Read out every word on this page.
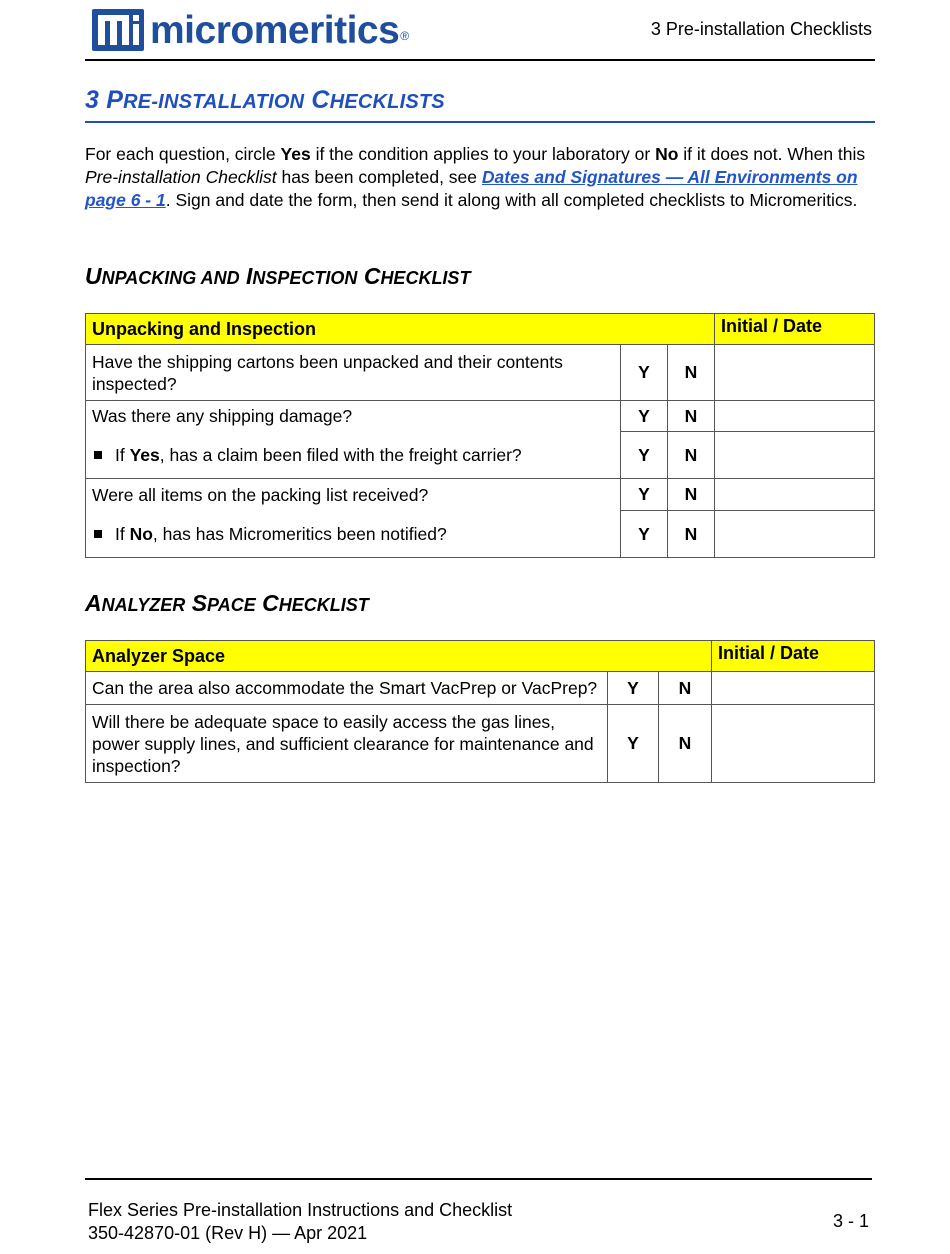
micromeritics ®	3 Pre-installation Checklists
3 PRE-INSTALLATION CHECKLISTS

For each question, circle Yes if the condition applies to your laboratory or No if it does not. When this Pre-installation Checklist has been completed, see Dates and Signatures — All Environments on page 6 - 1. Sign and date the form, then send it along with all completed checklists to Micromeritics.

UNPACKING AND INSPECTION CHECKLIST
Unpacking and Inspection			Initial / Date
Have the shipping cartons been unpacked and their contents inspected?	Y	N	
Was there any shipping damage?	Y	N	
If Yes, has a claim been filed with the freight carrier?	Y	N	
Were all items on the packing list received?	Y	N	
If No, has has Micromeritics been notified?	Y	N	
ANALYZER SPACE CHECKLIST
Analyzer Space			Initial / Date
Can the area also accommodate the Smart VacPrep or VacPrep?	Y	N	
Will there be adequate space to easily access the gas lines, power supply lines, and sufficient clearance for maintenance and inspection?	Y	N	
Flex Series Pre-installation Instructions and Checklist
350-42870-01 (Rev H) — Apr 2021
3 - 1
